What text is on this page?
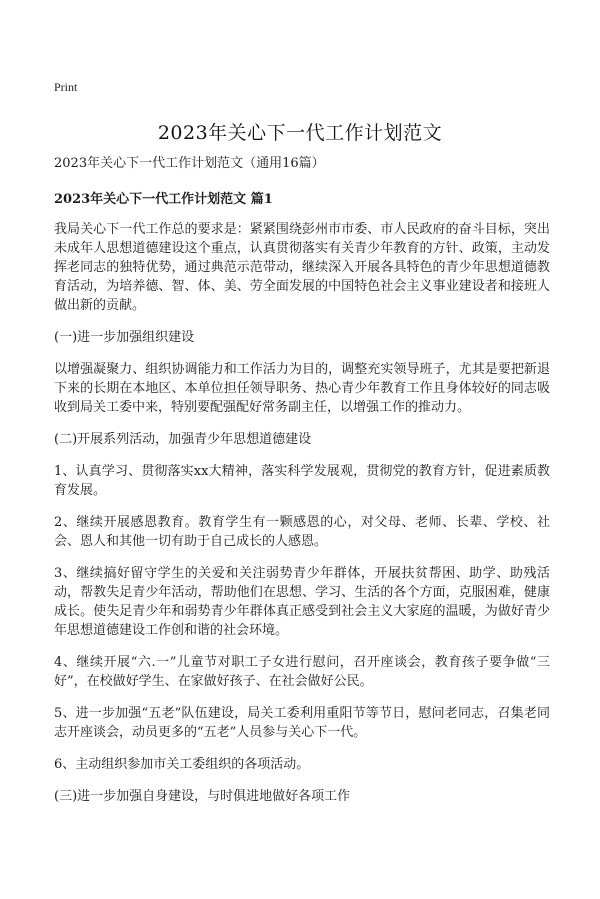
Print
2023年关心下一代工作计划范文
2023年关心下一代工作计划范文（通用16篇）
2023年关心下一代工作计划范文 篇1

我局关心下一代工作总的要求是：紧紧围绕彭州市市委、市人民政府的奋斗目标，突出未成年人思想道德建设这个重点，认真贯彻落实有关青少年教育的方针、政策，主动发挥老同志的独特优势，通过典范示范带动，继续深入开展各具特色的青少年思想道德教育活动，为培养德、智、体、美、劳全面发展的中国特色社会主义事业建设者和接班人做出新的贡献。

(一)进一步加强组织建设

以增强凝聚力、组织协调能力和工作活力为目的，调整充实领导班子，尤其是要把新退下来的长期在本地区、本单位担任领导职务、热心青少年教育工作且身体较好的同志吸收到局关工委中来，特别要配强配好常务副主任，以增强工作的推动力。

(二)开展系列活动，加强青少年思想道德建设

1、认真学习、贯彻落实xx大精神，落实科学发展观，贯彻党的教育方针，促进素质教育发展。

2、继续开展感恩教育。教育学生有一颗感恩的心，对父母、老师、长辈、学校、社会、恩人和其他一切有助于自己成长的人感恩。

3、继续搞好留守学生的关爱和关注弱势青少年群体，开展扶贫帮困、助学、助残活动，帮教失足青少年活动，帮助他们在思想、学习、生活的各个方面，克服困难，健康成长。使失足青少年和弱势青少年群体真正感受到社会主义大家庭的温暖，为做好青少年思想道德建设工作创和谐的社会环境。

4、继续开展“六.一”儿童节对职工子女进行慰问，召开座谈会，教育孩子要争做“三好”，在校做好学生、在家做好孩子、在社会做好公民。

5、进一步加强“五老”队伍建设，局关工委利用重阳节等节日，慰问老同志，召集老同志开座谈会，动员更多的“五老”人员参与关心下一代。

6、主动组织参加市关工委组织的各项活动。

(三)进一步加强自身建设，与时俱进地做好各项工作
